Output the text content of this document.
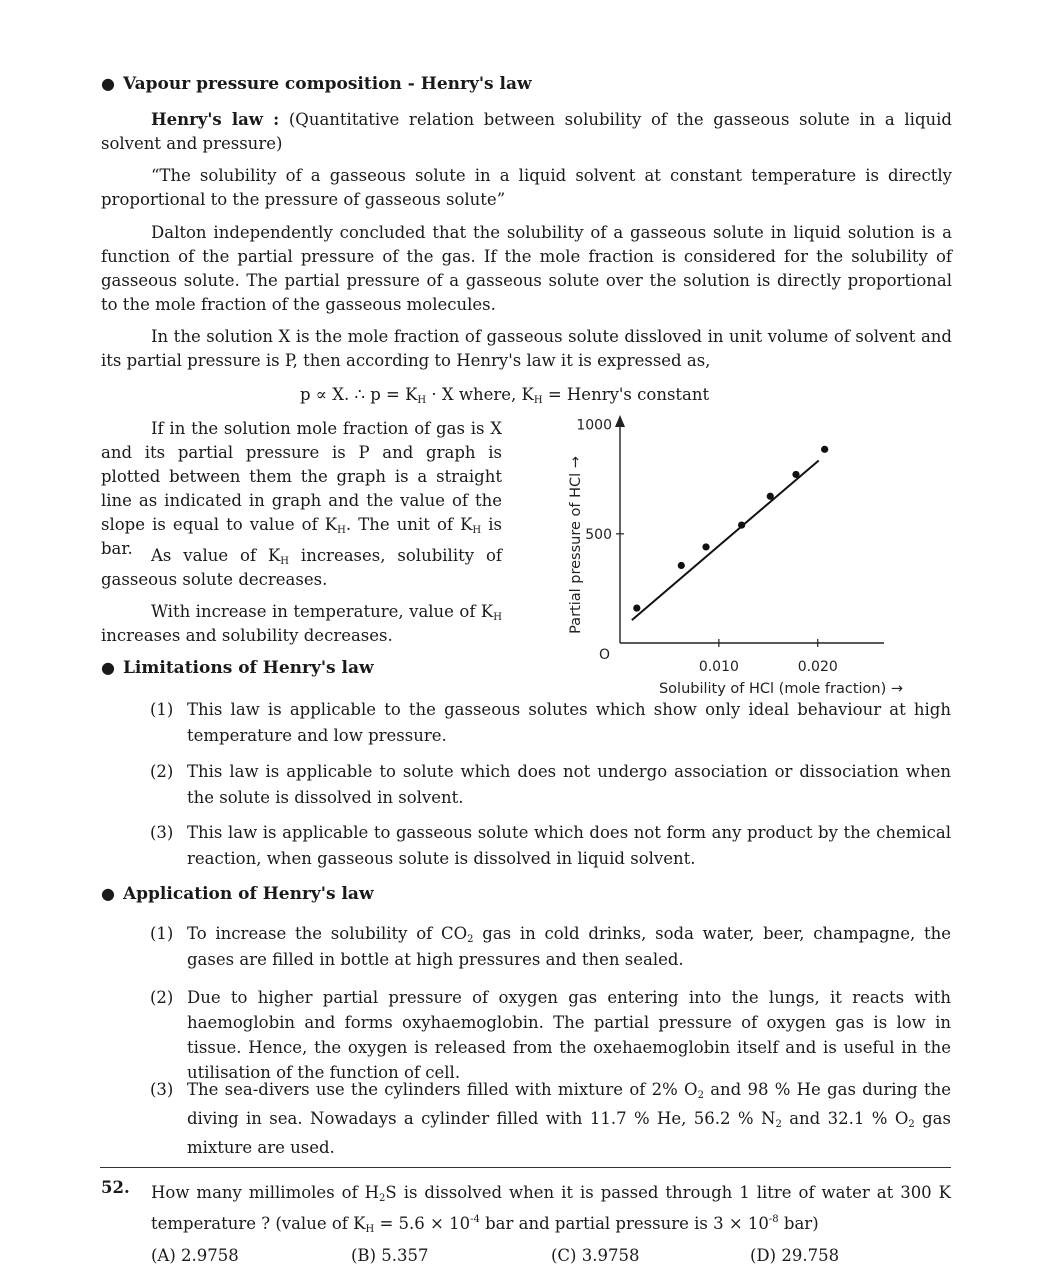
● Vapour pressure composition - Henry's law
Henry's law : (Quantitative relation between solubility of the gasseous solute in a liquid solvent and pressure)
“The solubility of a gasseous solute in a liquid solvent at constant temperature is directly proportional to the pressure of gasseous solute”
Dalton independently concluded that the solubility of a gasseous solute in liquid solution is a function of the partial pressure of the gas. If the mole fraction is considered for the solubility of gasseous solute. The partial pressure of a gasseous solute over the solution is directly proportional to the mole fraction of the gasseous molecules.
In the solution X is the mole fraction of gasseous solute dissloved in unit volume of solvent and its partial pressure is P, then according to Henry's law it is expressed as,
p ∝ X. ∴ $p = K_H \cdot X$ where, $K_H$ = Henry's constant
If in the solution mole fraction of gas is X and its partial pressure is P and graph is plotted between them the graph is a straight line as indicated in graph and the value of the slope is equal to value of $K_H$. The unit of $K_H$ is bar.	As value of $K_H$ increases, solubility of gasseous solute decreases.
With increase in temperature, value of $K_H$ increases and solubility decreases.
500
1000
0.010	0.020
O
Solubility of HCl (mole fraction) →
Partial pressure of HCl →
● Limitations of Henry's law
(1) This law is applicable to the gasseous solutes which show only ideal behaviour at high temperature and low pressure.
(2) This law is applicable to solute which does not undergo association or dissociation when the solute is dissolved in solvent.
(3) This law is applicable to gasseous solute which does not form any product by the chemical reaction, when gasseous solute is dissolved in liquid solvent.
● Application of Henry's law
(1) To increase the solubility of $CO_2$ gas in cold drinks, soda water, beer, champagne, the gases are filled in bottle at high pressures and then sealed.
(2) Due to higher partial pressure of oxygen gas entering into the lungs, it reacts with haemoglobin and forms oxyhaemoglobin. The partial pressure of oxygen gas is low in tissue. Hence, the oxygen is released from the oxehaemoglobin itself and is useful in the utilisation of the function of cell.
(3) The sea-divers use the cylinders filled with mixture of 2% $O_2$ and 98 % He gas during the diving in sea. Nowadays a cylinder filled with 11.7 % He, 56.2 % $N_2$ and 32.1 % $O_2$ gas mixture are used.
52. How many millimoles of $H_2S$ is dissolved when it is passed through 1 litre of water at 300 K temperature ? (value of $K_H = 5.6 \times 10^{-4}$ bar and partial pressure is $3 \times 10^{-8}$ bar)
(A) 2.9758	(B) 5.357	(C) 3.9758	(D) 29.758
